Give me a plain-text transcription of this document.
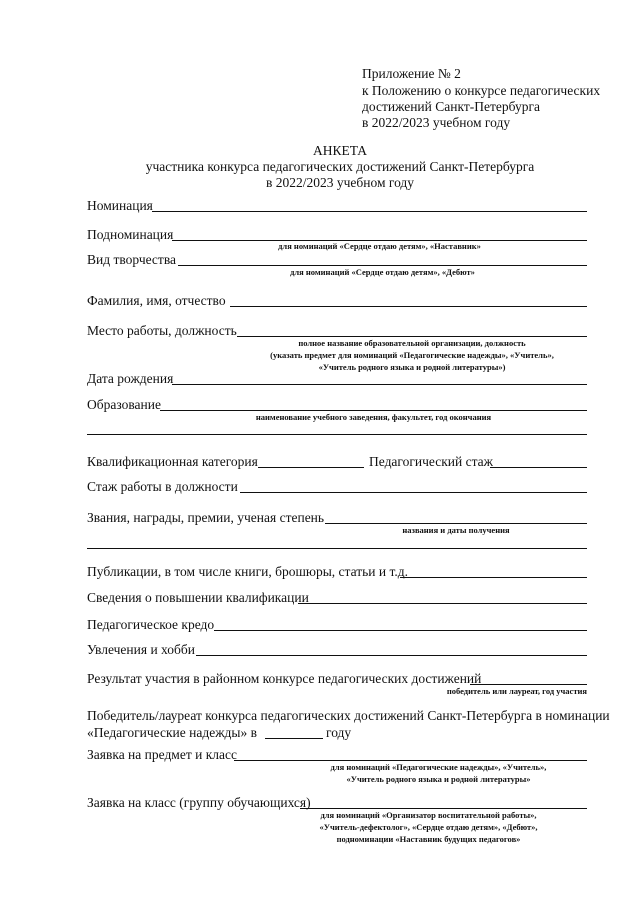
Приложение № 2
к Положению о конкурсе педагогических
достижений Санкт-Петербурга
в 2022/2023 учебном году
АНКЕТА
участника конкурса педагогических достижений Санкт-Петербурга
в 2022/2023 учебном году
Номинация
Подноминация
для номинаций «Сердце отдаю детям», «Наставник»
Вид творчества
для номинаций «Сердце отдаю детям», «Дебют»
Фамилия, имя, отчество
Место работы, должность
полное название образовательной организации, должность
(указать предмет для номинаций «Педагогические надежды», «Учитель»,
«Учитель родного языка и родной литературы»)
Дата рождения
Образование
наименование учебного заведения, факультет, год окончания
Квалификационная категория	Педагогический стаж
Стаж работы в должности
Звания, награды, премии, ученая степень
названия и даты получения
Публикации, в том числе книги, брошюры, статьи и т.д.
Сведения о повышении квалификации
Педагогическое кредо
Увлечения и хобби
Результат участия в районном конкурсе педагогических достижений
победитель или лауреат, год участия
Победитель/лауреат конкурса педагогических достижений Санкт-Петербурга в номинации
«Педагогические надежды» в	году
Заявка на предмет и класс
для номинаций «Педагогические надежды», «Учитель»,
«Учитель родного языка и родной литературы»
Заявка на класс (группу обучающихся)
для номинаций «Организатор воспитательной работы»,
«Учитель-дефектолог», «Сердце отдаю детям», «Дебют»,
подноминации «Наставник будущих педагогов»
